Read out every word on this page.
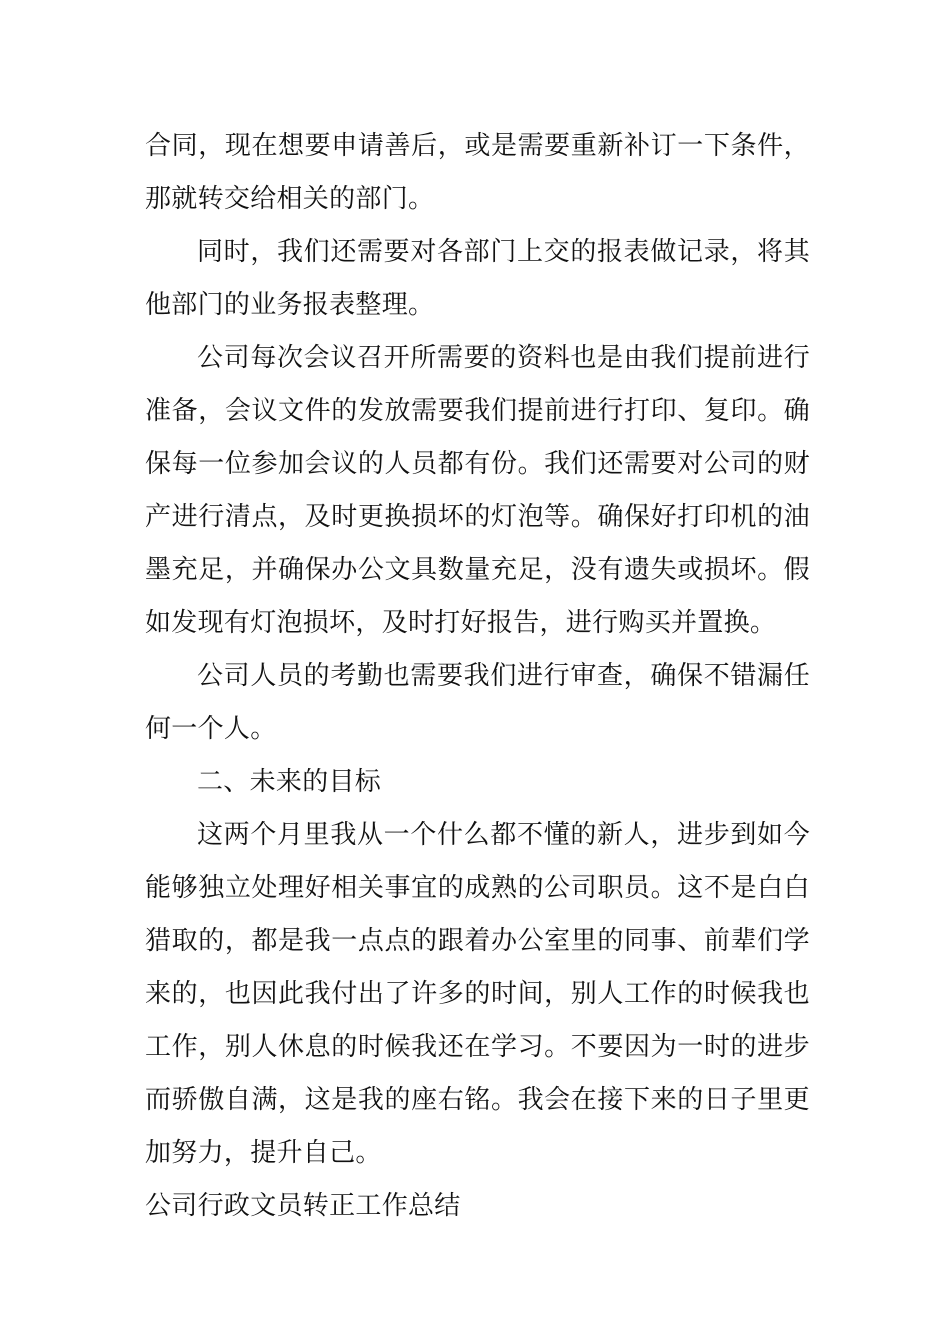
合同，现在想要申请善后，或是需要重新补订一下条件，那就转交给相关的部门。

同时，我们还需要对各部门上交的报表做记录，将其他部门的业务报表整理。

公司每次会议召开所需要的资料也是由我们提前进行准备，会议文件的发放需要我们提前进行打印、复印。确保每一位参加会议的人员都有份。我们还需要对公司的财产进行清点，及时更换损坏的灯泡等。确保好打印机的油墨充足，并确保办公文具数量充足，没有遗失或损坏。假如发现有灯泡损坏，及时打好报告，进行购买并置换。

公司人员的考勤也需要我们进行审查，确保不错漏任何一个人。

二、未来的目标

这两个月里我从一个什么都不懂的新人，进步到如今能够独立处理好相关事宜的成熟的公司职员。这不是白白猎取的，都是我一点点的跟着办公室里的同事、前辈们学来的，也因此我付出了许多的时间，别人工作的时候我也工作，别人休息的时候我还在学习。不要因为一时的进步而骄傲自满，这是我的座右铭。我会在接下来的日子里更加努力，提升自己。

公司行政文员转正工作总结
